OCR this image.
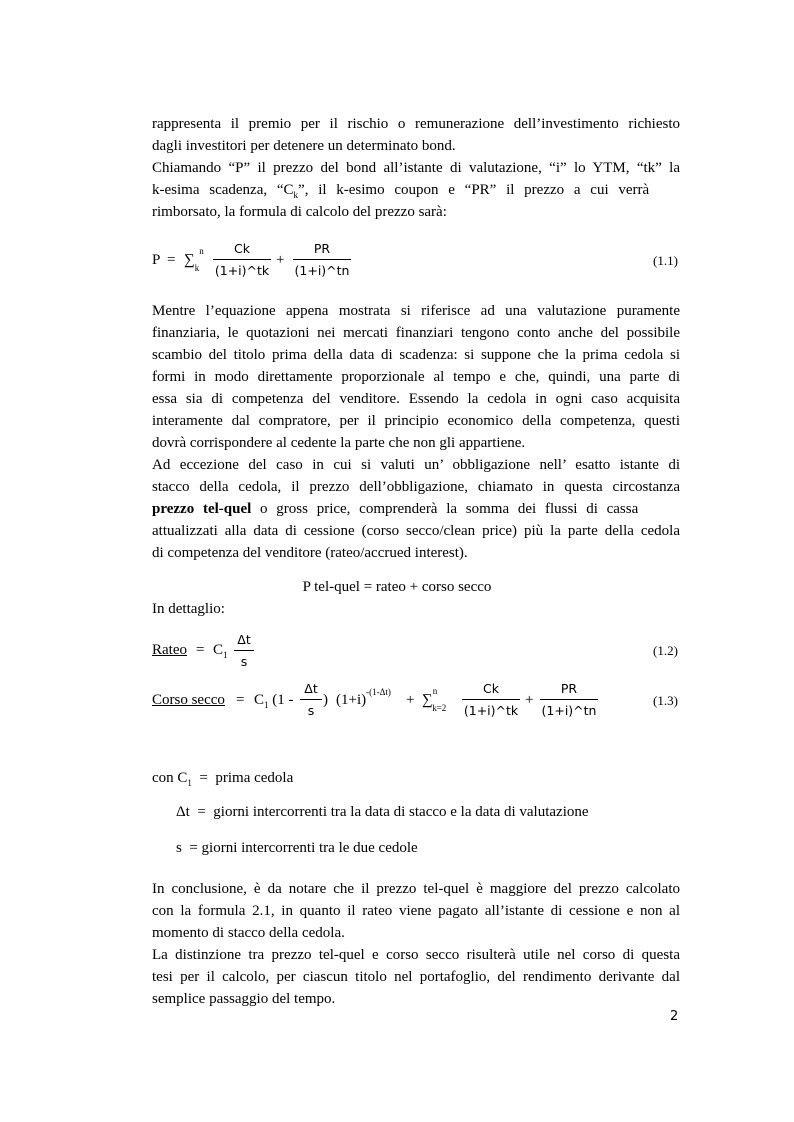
rappresenta il premio per il rischio o remunerazione dell’investimento richiesto
dagli investitori per detenere un determinato bond.
Chiamando “P” il prezzo del bond all’istante di valutazione, “i” lo YTM, “tk” la
k-esima scadenza, “$C_k$”, il k-esimo coupon e “PR” il prezzo a cui verrà
rimborsato, la formula di calcolo del prezzo sarà:
$P = \sum_k^n$	Ck
(1+i)^tk
+
PR
(1+i)^tn
(1.1)
Mentre l’equazione appena mostrata si riferisce ad una valutazione puramente
finanziaria, le quotazioni nei mercati finanziari tengono conto anche del possibile
scambio del titolo prima della data di scadenza: si suppone che la prima cedola si
formi in modo direttamente proporzionale al tempo e che, quindi, una parte di
essa sia di competenza del venditore. Essendo la cedola in ogni caso acquisita
interamente dal compratore, per il principio economico della competenza, questi
dovrà corrispondere al cedente la parte che non gli appartiene.
Ad eccezione del caso in cui si valuti un’ obbligazione nell’ esatto istante di
stacco della cedola, il prezzo dell’obbligazione, chiamato in questa circostanza
prezzo tel-quel o gross price, comprenderà la somma dei flussi di cassa
attualizzati alla data di cessione (corso secco/clean price) più la parte della cedola
di competenza del venditore (rateo/accrued interest).
P tel-quel = rateo + corso secco
In dettaglio:
Rateo = $C_1$
Δt
s
(1.2)
Corso secco = $C_1$ (1 -
Δt
s
) $(1+i)^{-(1-\Delta t)} + \sum^n_{k=2}$
Ck
(1+i)^tk
+
PR
(1+i)^tn
(1.3)
con $C_1$  =  prima cedola
Δt  =  giorni intercorrenti tra la data di stacco e la data di valutazione
s  = giorni intercorrenti tra le due cedole
In conclusione, è da notare che il prezzo tel-quel è maggiore del prezzo calcolato
con la formula 2.1, in quanto il rateo viene pagato all’istante di cessione e non al
momento di stacco della cedola.
La distinzione tra prezzo tel-quel e corso secco risulterà utile nel corso di questa
tesi per il calcolo, per ciascun titolo nel portafoglio, del rendimento derivante dal
semplice passaggio del tempo.
2
